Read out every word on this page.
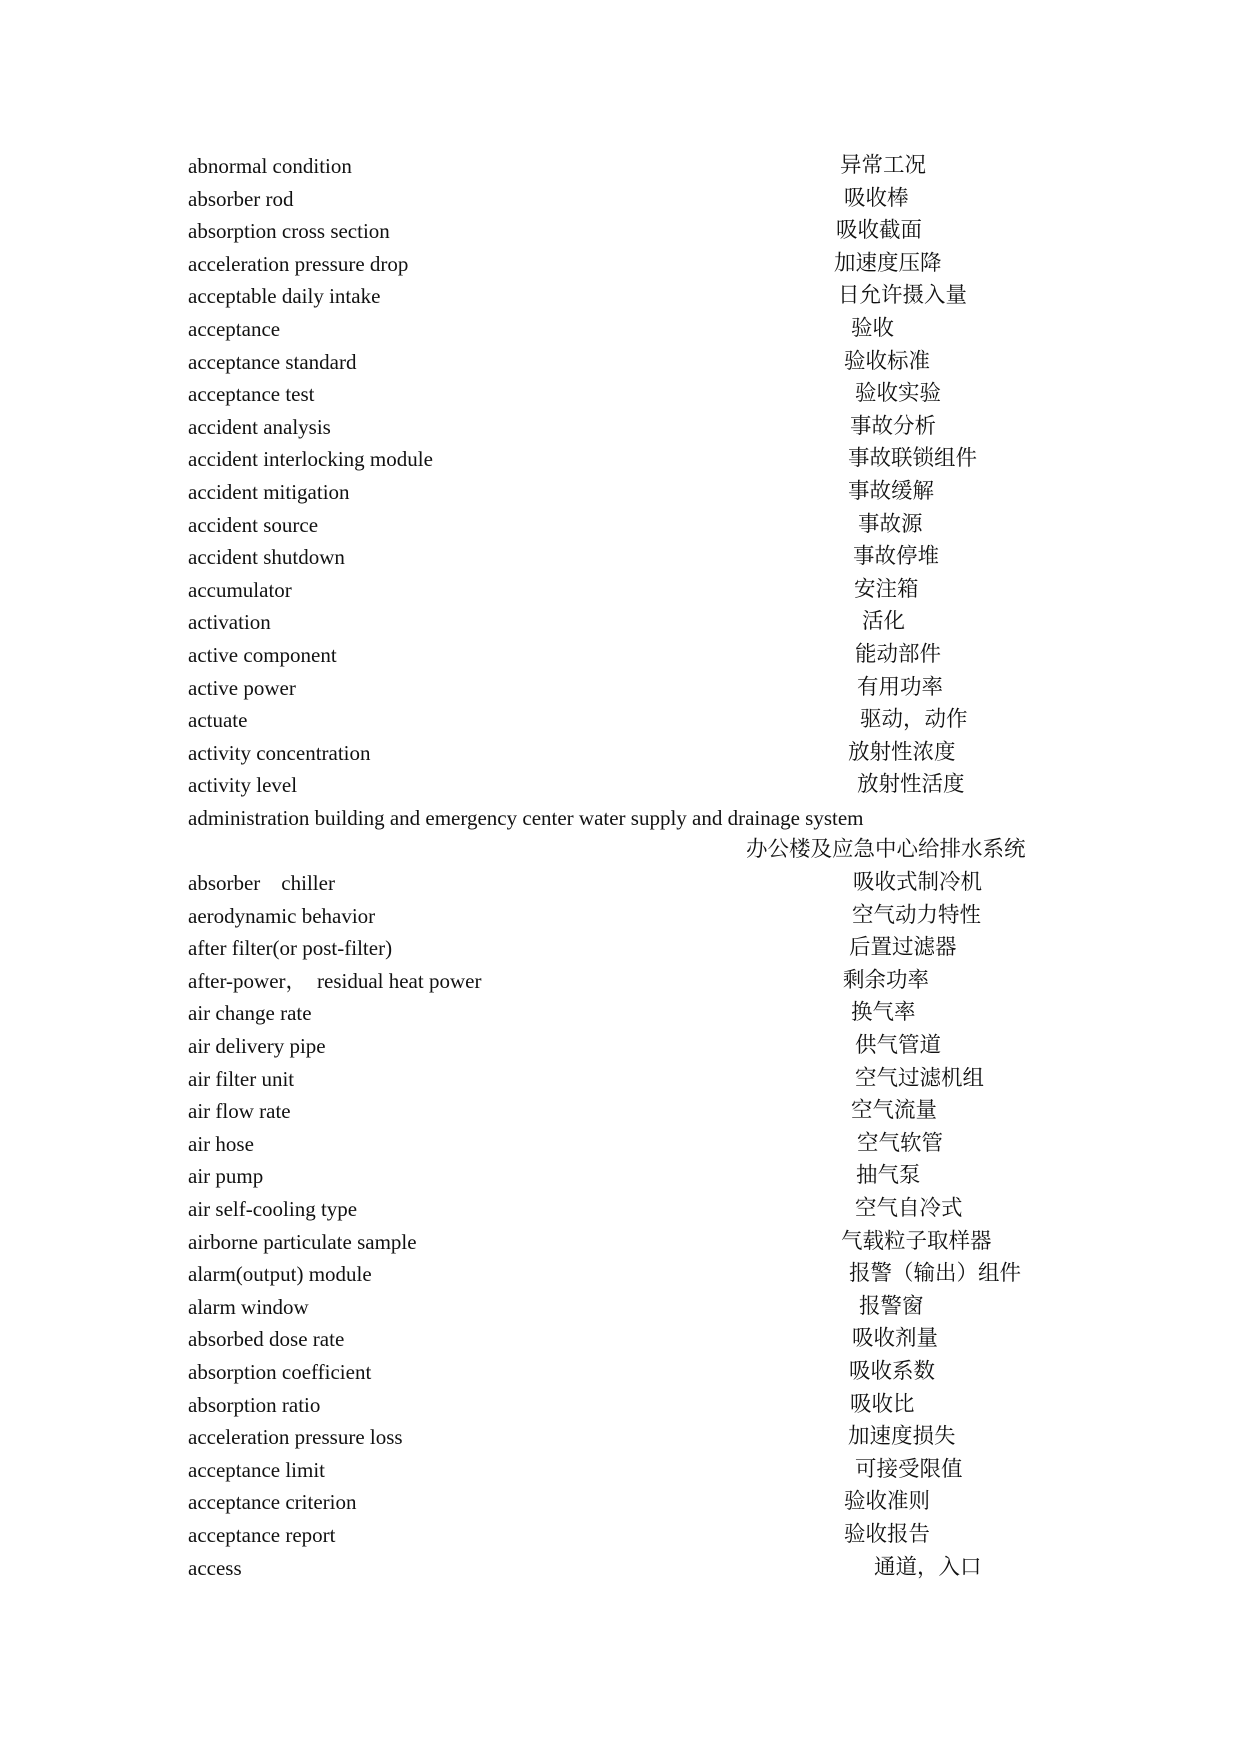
abnormal condition	异常工况
absorber rod	吸收棒
absorption cross section	吸收截面
acceleration pressure drop	加速度压降
acceptable daily intake	日允许摄入量
acceptance	验收
acceptance standard	验收标准
acceptance test	验收实验
accident analysis	事故分析
accident interlocking module	事故联锁组件
accident mitigation	事故缓解
accident source	事故源
accident shutdown	事故停堆
accumulator	安注箱
activation	活化
active component	能动部件
active power	有用功率
actuate	驱动，动作
activity concentration	放射性浓度
activity level	放射性活度
administration building and emergency center water supply and drainage system
办公楼及应急中心给排水系统
absorber　chiller	吸收式制冷机
aerodynamic behavior	空气动力特性
after filter(or post-filter)	后置过滤器
after-power，　residual heat power	剩余功率
air change rate	换气率
air delivery pipe	供气管道
air filter unit	空气过滤机组
air flow rate	空气流量
air hose	空气软管
air pump	抽气泵
air self-cooling type	空气自冷式
airborne particulate sample	气载粒子取样器
alarm(output) module	报警（输出）组件
alarm window	报警窗
absorbed dose rate	吸收剂量
absorption coefficient	吸收系数
absorption ratio	吸收比
acceleration pressure loss	加速度损失
acceptance limit	可接受限值
acceptance criterion	验收准则
acceptance report	验收报告
access	通道，入口
